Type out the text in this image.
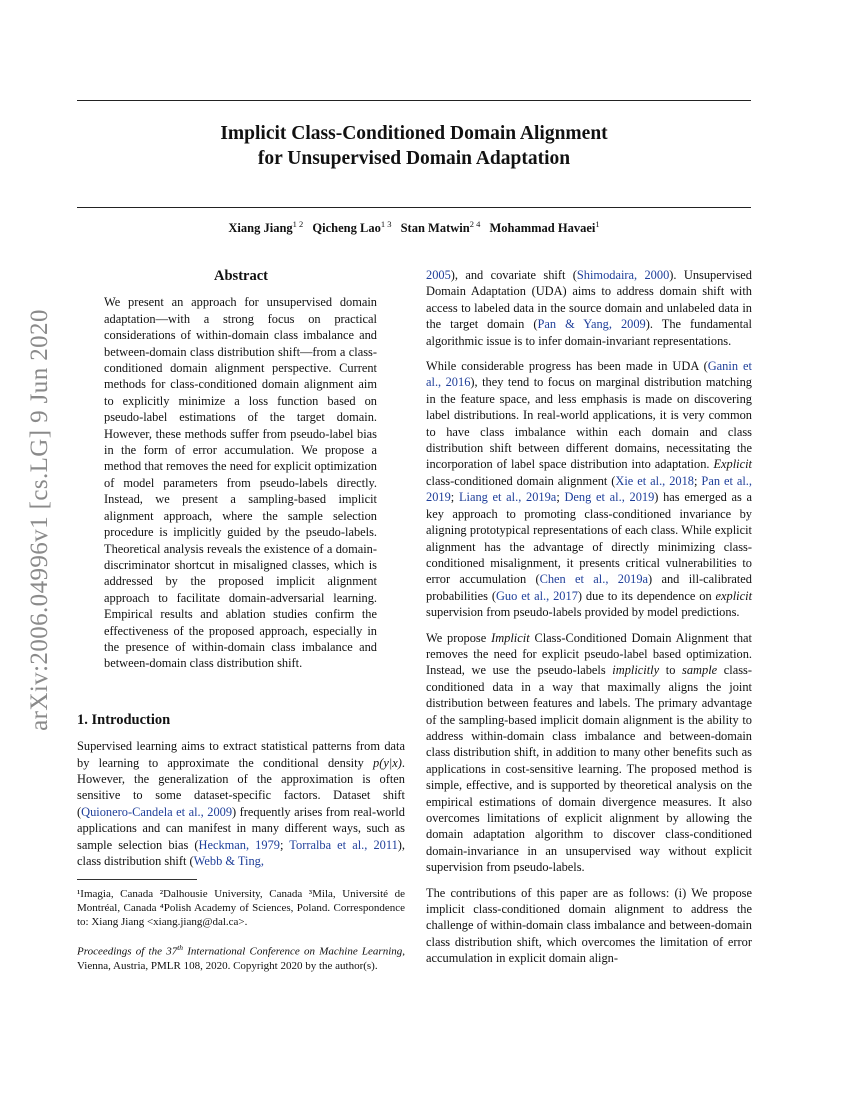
Implicit Class-Conditioned Domain Alignment
for Unsupervised Domain Adaptation
Xiang Jiang$^{1 2}$ Qicheng Lao$^{1 3}$ Stan Matwin$^{2 4}$ Mohammad Havaei$^1$
arXiv:2006.04996v1 [cs.LG] 9 Jun 2020
Abstract

We present an approach for unsupervised domain adaptation—with a strong focus on practical considerations of within-domain class imbalance and between-domain class distribution shift—from a class-conditioned domain alignment perspective. Current methods for class-conditioned domain alignment aim to explicitly minimize a loss function based on pseudo-label estimations of the target domain. However, these methods suffer from pseudo-label bias in the form of error accumulation. We propose a method that removes the need for explicit optimization of model parameters from pseudo-labels directly. Instead, we present a sampling-based implicit alignment approach, where the sample selection procedure is implicitly guided by the pseudo-labels. Theoretical analysis reveals the existence of a domain-discriminator shortcut in misaligned classes, which is addressed by the proposed implicit alignment approach to facilitate domain-adversarial learning. Empirical results and ablation studies confirm the effectiveness of the proposed approach, especially in the presence of within-domain class imbalance and between-domain class distribution shift.

1. Introduction

Supervised learning aims to extract statistical patterns from data by learning to approximate the conditional density p(y|x). However, the generalization of the approximation is often sensitive to some dataset-specific factors. Dataset shift (Quionero-Candela et al., 2009) frequently arises from real-world applications and can manifest in many different ways, such as sample selection bias (Heckman, 1979; Torralba et al., 2011), class distribution shift (Webb & Ting,

¹Imagia, Canada ²Dalhousie University, Canada ³Mila, Université de Montréal, Canada ⁴Polish Academy of Sciences, Poland. Correspondence to: Xiang Jiang <xiang.jiang@dal.ca>.

Proceedings of the 37th International Conference on Machine Learning, Vienna, Austria, PMLR 108, 2020. Copyright 2020 by the author(s).

2005), and covariate shift (Shimodaira, 2000). Unsupervised Domain Adaptation (UDA) aims to address domain shift with access to labeled data in the source domain and unlabeled data in the target domain (Pan & Yang, 2009). The fundamental algorithmic issue is to infer domain-invariant representations.

While considerable progress has been made in UDA (Ganin et al., 2016), they tend to focus on marginal distribution matching in the feature space, and less emphasis is made on discovering label distributions. In real-world applications, it is very common to have class imbalance within each domain and class distribution shift between different domains, necessitating the incorporation of label space distribution into adaptation. Explicit class-conditioned domain alignment (Xie et al., 2018; Pan et al., 2019; Liang et al., 2019a; Deng et al., 2019) has emerged as a key approach to promoting class-conditioned invariance by aligning prototypical representations of each class. While explicit alignment has the advantage of directly minimizing class-conditioned misalignment, it presents critical vulnerabilities to error accumulation (Chen et al., 2019a) and ill-calibrated probabilities (Guo et al., 2017) due to its dependence on explicit supervision from pseudo-labels provided by model predictions.

We propose Implicit Class-Conditioned Domain Alignment that removes the need for explicit pseudo-label based optimization. Instead, we use the pseudo-labels implicitly to sample class-conditioned data in a way that maximally aligns the joint distribution between features and labels. The primary advantage of the sampling-based implicit domain alignment is the ability to address within-domain class imbalance and between-domain class distribution shift, in addition to many other benefits such as applications in cost-sensitive learning. The proposed method is simple, effective, and is supported by theoretical analysis on the empirical estimations of domain divergence measures. It also overcomes limitations of explicit alignment by allowing the domain adaptation algorithm to discover class-conditioned domain-invariance in an unsupervised way without explicit supervision from pseudo-labels.

The contributions of this paper are as follows: (i) We propose implicit class-conditioned domain alignment to address the challenge of within-domain class imbalance and between-domain class distribution shift, which overcomes the limitation of error accumulation in explicit domain align-
